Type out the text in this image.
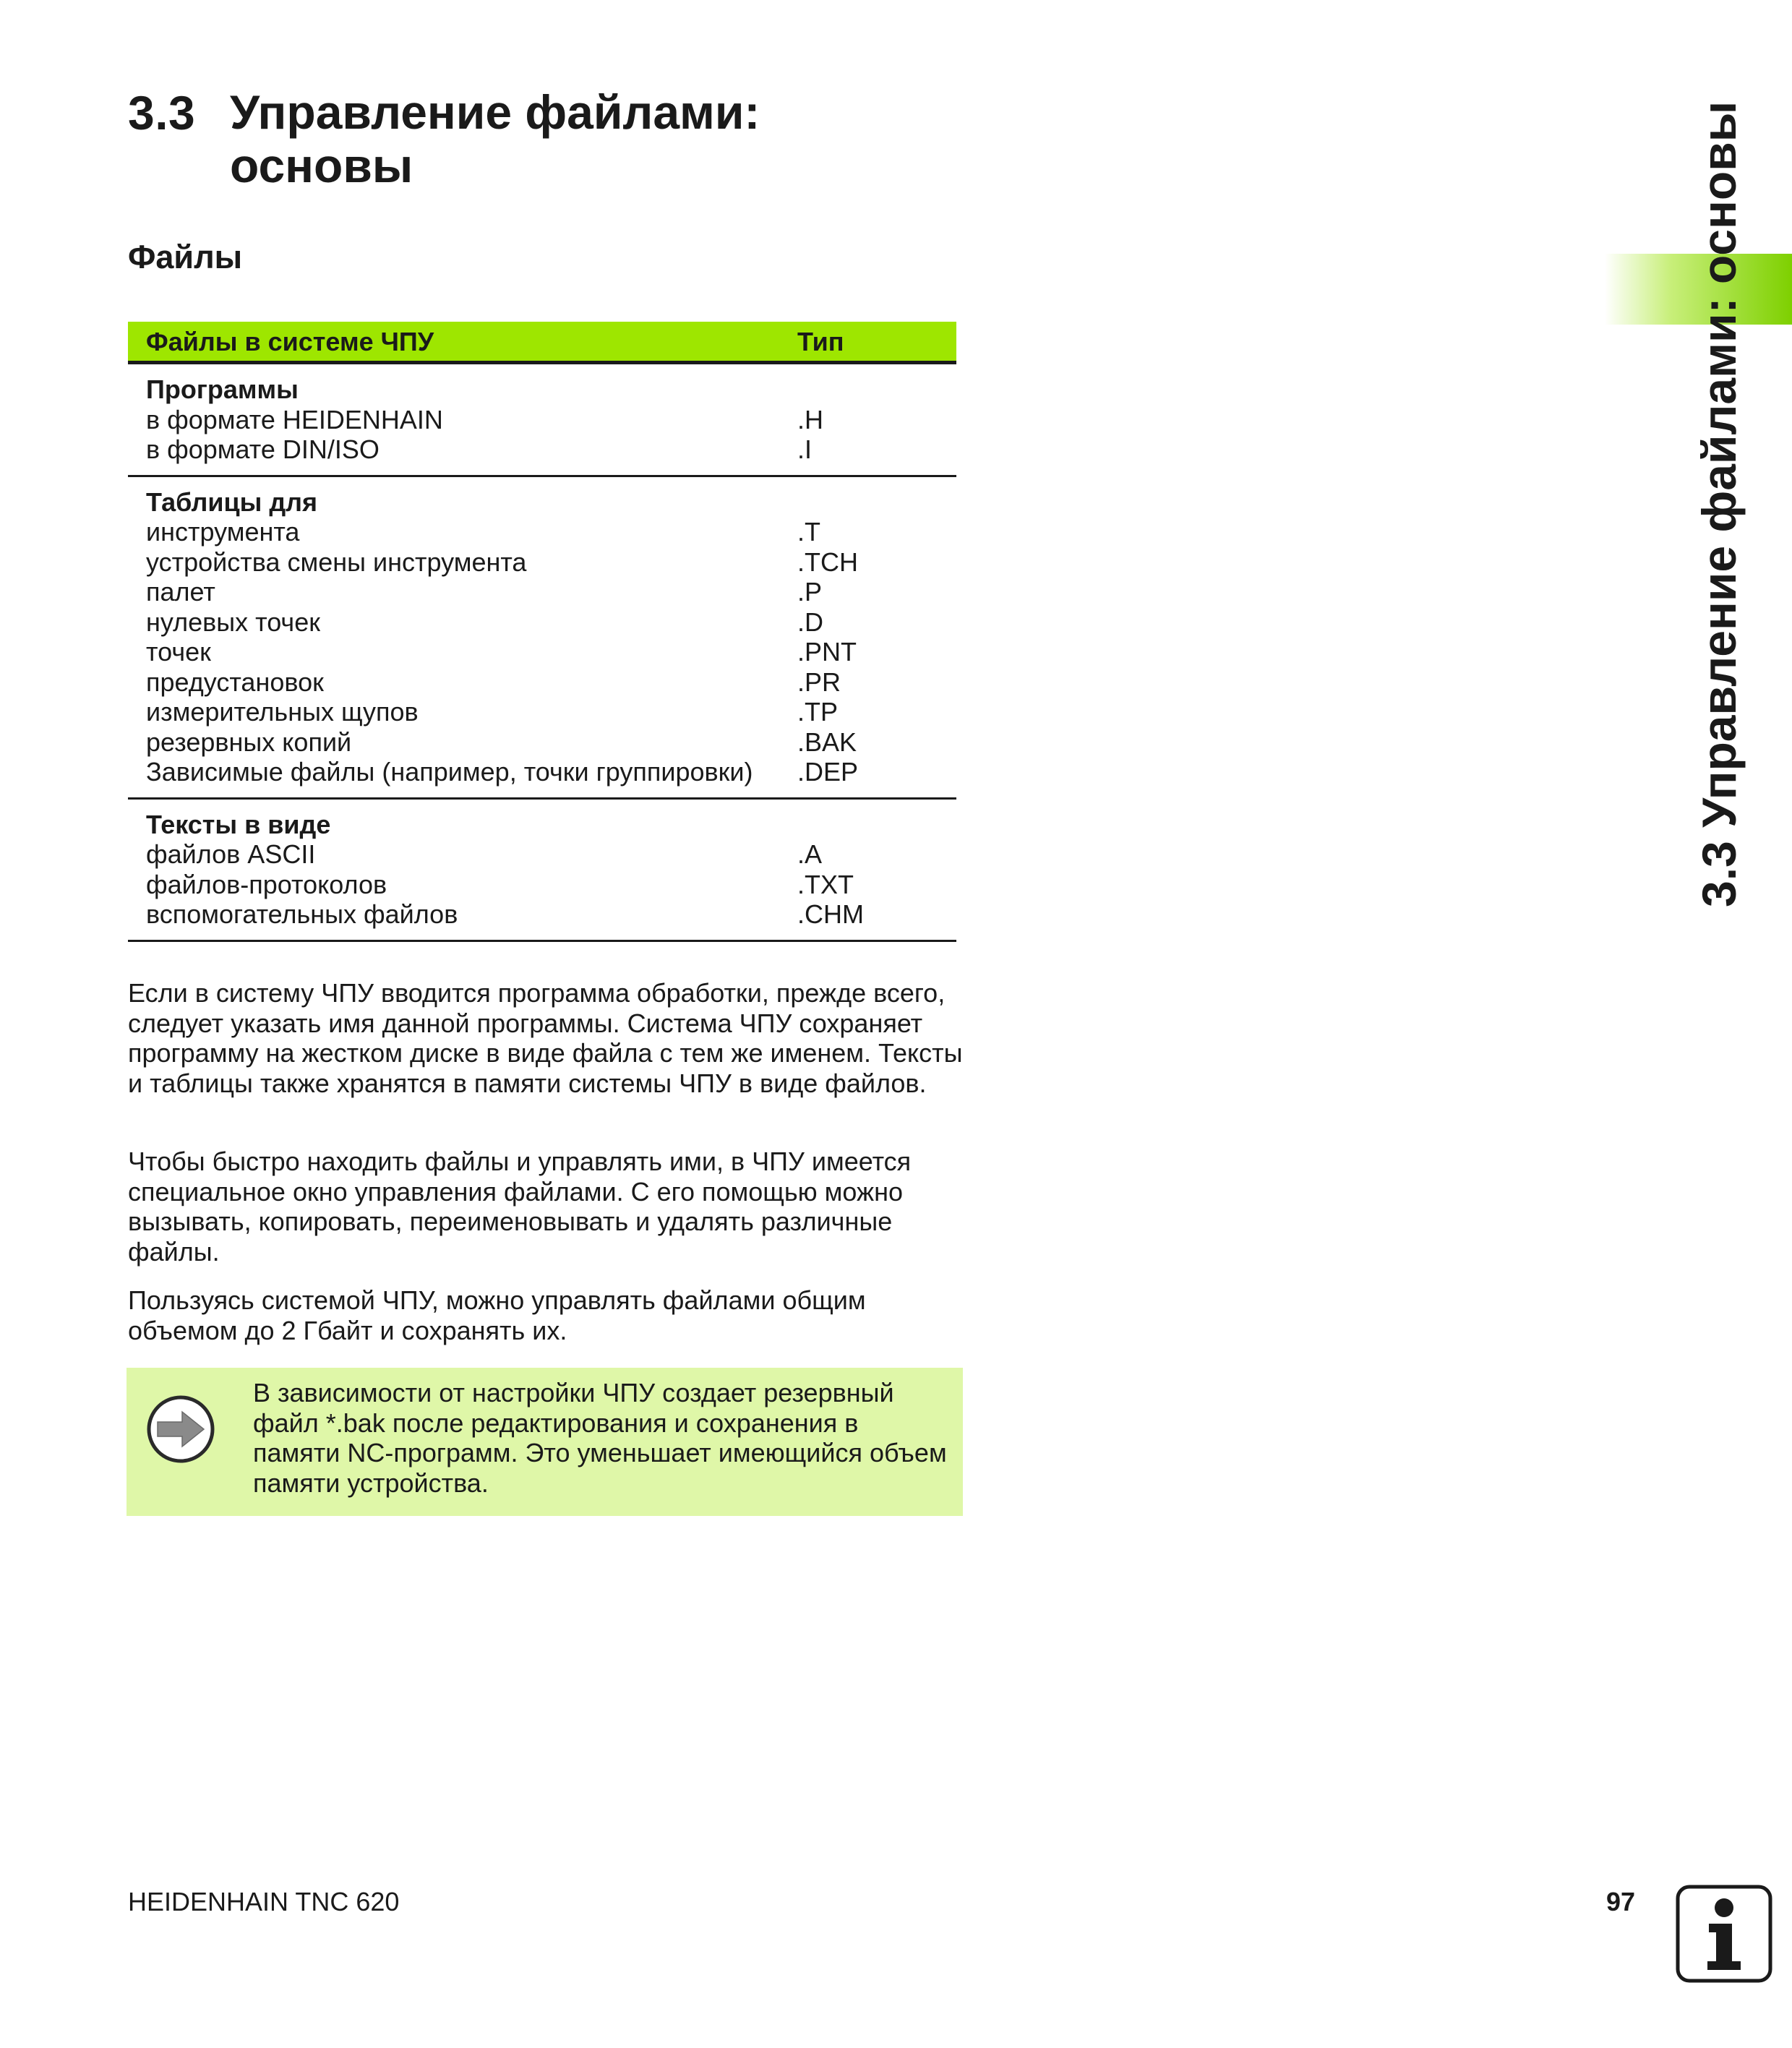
3.3 Управление файлами: основы
Файлы
Файлы в системе ЧПУ	Тип
Программы	
в формате HEIDENHAIN	.H
в формате DIN/ISO	.I
Таблицы для	
инструмента	.T
устройства смены инструмента	.TCH
палет	.P
нулевых точек	.D
точек	.PNT
предустановок	.PR
измерительных щупов	.TP
резервных копий	.BAK
Зависимые файлы (например, точки группировки)	.DEP
Тексты в виде	
файлов ASCII	.A
файлов-протоколов	.TXT
вспомогательных файлов	.CHM

Если в систему ЧПУ вводится программа обработки, прежде всего, следует указать имя данной программы. Система ЧПУ сохраняет программу на жестком диске в виде файла с тем же именем. Тексты и таблицы также хранятся в памяти системы ЧПУ в виде файлов.

Чтобы быстро находить файлы и управлять ими, в ЧПУ имеется специальное окно управления файлами. С его помощью можно вызывать, копировать, переименовывать и удалять различные файлы.

Пользуясь системой ЧПУ, можно управлять файлами общим объемом до 2 Гбайт и сохранять их.

В зависимости от настройки ЧПУ создает резервный файл *.bak после редактирования и сохранения в памяти NC-программ. Это уменьшает имеющийся объем памяти устройства.

3.3 Управление файлами: основы
HEIDENHAIN TNC 620	97
